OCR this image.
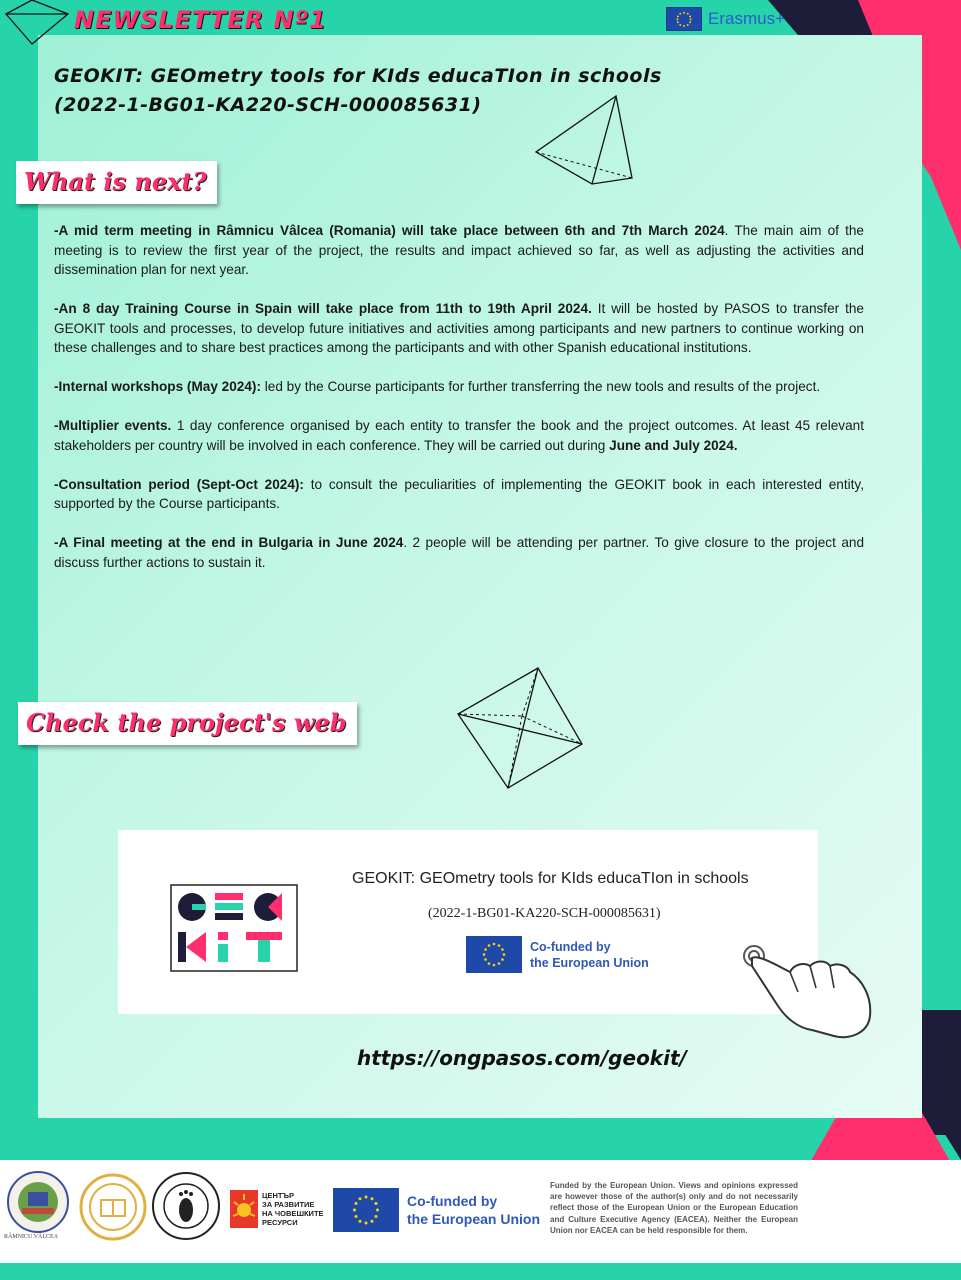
NEWSLETTER Nº1	Erasmus+
GEOKIT: GEOmetry tools for KIds educaTIon in schools
(2022-1-BG01-KA220-SCH-000085631)
What is next?

-A mid term meeting in Râmnicu Vâlcea (Romania) will take place between 6th and 7th March 2024. The main aim of the meeting is to review the first year of the project, the results and impact achieved so far, as well as adjusting the activities and dissemination plan for next year.

-An 8 day Training Course in Spain will take place from 11th to 19th April 2024. It will be hosted by PASOS to transfer the GEOKIT tools and processes, to develop future initiatives and activities among participants and new partners to continue working on these challenges and to share best practices among the participants and with other Spanish educational institutions.

-Internal workshops (May 2024): led by the Course participants for further transferring the new tools and results of the project.

-Multiplier events. 1 day conference organised by each entity to transfer the book and the project outcomes. At least 45 relevant stakeholders per country will be involved in each conference. They will be carried out during June and July 2024.

-Consultation period (Sept-Oct 2024): to consult the peculiarities of implementing the GEOKIT book in each interested entity, supported by the Course participants.

-A Final meeting at the end in Bulgaria in June 2024. 2 people will be attending per partner. To give closure to the project and discuss further actions to sustain it.

Check the project's web
GEOKIT: GEOmetry tools for KIds educaTIon in schools
(2022-1-BG01-KA220-SCH-000085631)
Co-funded by
the European Union
https://ongpasos.com/geokit/
RÂMNICU VÂLCEA
ЦЕНТЪР
ЗА РАЗВИТИЕ
НА ЧОВЕШКИТЕ
РЕСУРСИ
Co-funded by
the European Union
Funded by the European Union. Views and opinions expressed are however those of the author(s) only and do not necessarily reflect those of the European Union or the European Education and Culture Executive Agency (EACEA). Neither the European Union nor EACEA can be held responsible for them.
